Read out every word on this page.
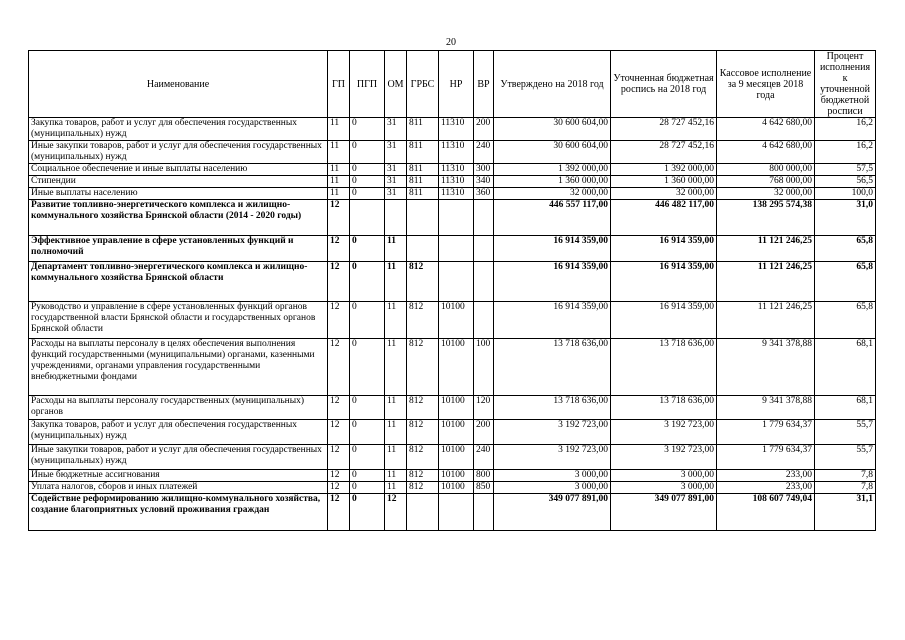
20
Наименование	ГП	ПГП	ОМ	ГРБС	НР	ВР	Утверждено на 2018 год	Уточненная бюджетная роспись на 2018 год	Кассовое исполнение за 9 месяцев 2018 года	Процент исполнения к уточненной бюджетной росписи
Закупка товаров, работ и услуг для обеспечения государственных (муниципальных) нужд	11	0	31	811	11310	200	30 600 604,00	28 727 452,16	4 642 680,00	16,2
Иные закупки товаров, работ и услуг для обеспечения государственных (муниципальных) нужд	11	0	31	811	11310	240	30 600 604,00	28 727 452,16	4 642 680,00	16,2
Социальное обеспечение и иные выплаты населению	11	0	31	811	11310	300	1 392 000,00	1 392 000,00	800 000,00	57,5
Стипендии	11	0	31	811	11310	340	1 360 000,00	1 360 000,00	768 000,00	56,5
Иные выплаты населению	11	0	31	811	11310	360	32 000,00	32 000,00	32 000,00	100,0
Развитие топливно-энергетического комплекса и жилищно-коммунального хозяйства Брянской области (2014 - 2020 годы)	12						446 557 117,00	446 482 117,00	138 295 574,38	31,0
Эффективное управление в сфере установленных функций и полномочий	12	0	11				16 914 359,00	16 914 359,00	11 121 246,25	65,8
Департамент топливно-энергетического комплекса и жилищно-коммунального хозяйства Брянской области	12	0	11	812			16 914 359,00	16 914 359,00	11 121 246,25	65,8
Руководство и управление в сфере установленных функций органов государственной власти Брянской области и государственных органов Брянской области	12	0	11	812	10100		16 914 359,00	16 914 359,00	11 121 246,25	65,8
Расходы на выплаты персоналу в целях обеспечения выполнения функций государственными (муниципальными) органами, казенными учреждениями, органами управления государственными внебюджетными фондами	12	0	11	812	10100	100	13 718 636,00	13 718 636,00	9 341 378,88	68,1
Расходы на выплаты персоналу государственных (муниципальных) органов	12	0	11	812	10100	120	13 718 636,00	13 718 636,00	9 341 378,88	68,1
Закупка товаров, работ и услуг для обеспечения государственных (муниципальных) нужд	12	0	11	812	10100	200	3 192 723,00	3 192 723,00	1 779 634,37	55,7
Иные закупки товаров, работ и услуг для обеспечения государственных (муниципальных) нужд	12	0	11	812	10100	240	3 192 723,00	3 192 723,00	1 779 634,37	55,7
Иные бюджетные ассигнования	12	0	11	812	10100	800	3 000,00	3 000,00	233,00	7,8
Уплата налогов, сборов и иных платежей	12	0	11	812	10100	850	3 000,00	3 000,00	233,00	7,8
Содействие реформированию жилищно-коммунального хозяйства, создание благоприятных условий проживания граждан	12	0	12				349 077 891,00	349 077 891,00	108 607 749,04	31,1
